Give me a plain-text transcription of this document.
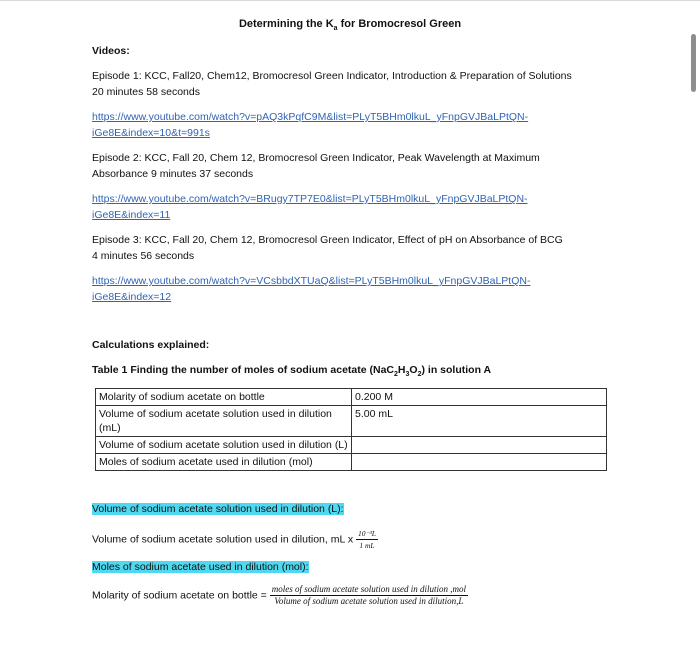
Determining the $K_a$ for Bromocresol Green
Videos:
Episode 1: KCC, Fall20, Chem12, Bromocresol Green Indicator, Introduction & Preparation of Solutions
20 minutes 58 seconds
https://www.youtube.com/watch?v=pAQ3kPqfC9M&list=PLyT5BHm0lkuL_yFnpGVJBaLPtQN-
iGe8E&index=10&t=991s
Episode 2: KCC, Fall 20, Chem 12, Bromocresol Green Indicator, Peak Wavelength at Maximum
Absorbance 9 minutes 37 seconds
https://www.youtube.com/watch?v=BRugy7TP7E0&list=PLyT5BHm0lkuL_yFnpGVJBaLPtQN-
iGe8E&index=11
Episode 3: KCC, Fall 20, Chem 12, Bromocresol Green Indicator, Effect of pH on Absorbance of BCG
4 minutes 56 seconds
https://www.youtube.com/watch?v=VCsbbdXTUaQ&list=PLyT5BHm0lkuL_yFnpGVJBaLPtQN-
iGe8E&index=12
Calculations explained:
Table 1 Finding the number of moles of sodium acetate $(NaC_2H_3O_2)$ in solution A
Molarity of sodium acetate on bottle	0.200 M
Volume of sodium acetate solution used in dilution (mL)	5.00 mL
Volume of sodium acetate solution used in dilution (L)	
Moles of sodium acetate used in dilution (mol)	
Volume of sodium acetate solution used in dilution (L):
Volume of sodium acetate solution used in dilution, mL x $\frac{\text{10⁻³L}}{1 mL}$
Moles of sodium acetate used in dilution (mol):
Molarity of sodium acetate on bottle = $\frac{\text{moles of sodium acetate solution used in dilution ,mol}}{\text{Volume of sodium acetate solution used in dilution,L}}$
